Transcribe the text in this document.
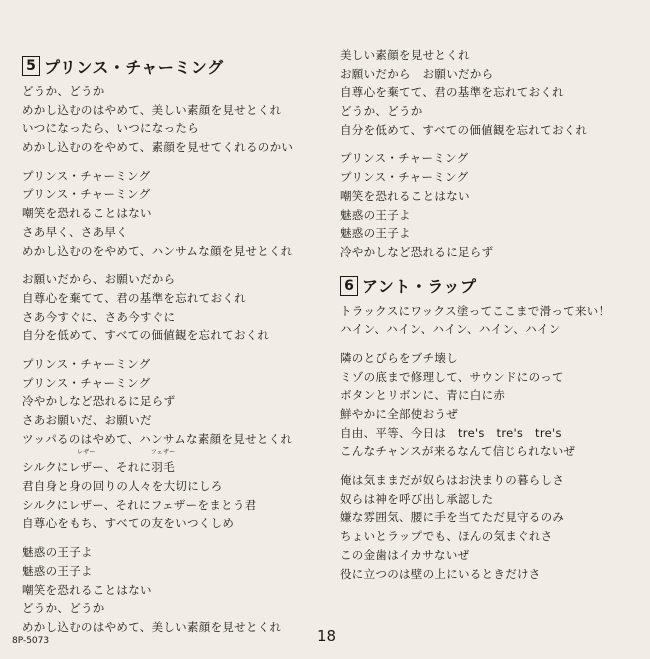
5 プリンス・チャーミング
どうか、どうか
めかし込むのはやめて、美しい素顔を見せとくれ
いつになったら、いつになったら
めかし込むのをやめて、素顔を見せてくれるのかい
プリンス・チャーミング
プリンス・チャーミング
嘲笑を恐れることはない
さあ早く、さあ早く
めかし込むのをやめて、ハンサムな顔を見せとくれ
お願いだから、お願いだから
自尊心を棄てて、君の基準を忘れておくれ
さあ今すぐに、さあ今すぐに
自分を低めて、すべての価値観を忘れておくれ
プリンス・チャーミング
プリンス・チャーミング
冷やかしなど恐れるに足らず
さあお願いだ、お願いだ
ツッパるのはやめて、ハンサムな素顔を見せとくれ
シルクに
レザー
レザー、それに
フェザー
羽毛
君自身と身の回りの人々を大切にしろ
シルクにレザー、それにフェザーをまとう君
自尊心をもち、すべての友をいつくしめ
魅惑の王子よ
魅惑の王子よ
嘲笑を恐れることはない
どうか、どうか
めかし込むのはやめて、美しい素顔を見せとくれ
美しい素顔を見せとくれ
お願いだから　お願いだから
自尊心を棄てて、君の基準を忘れておくれ
どうか、どうか
自分を低めて、すべての価値観を忘れておくれ
プリンス・チャーミング
プリンス・チャーミング
嘲笑を恐れることはない
魅惑の王子よ
魅惑の王子よ
冷やかしなど恐れるに足らず
6 アント・ラップ
トラックスにワックス塗ってここまで滑って来い！
ハイン、ハイン、ハイン、ハイン、ハイン
隣のとびらをブチ壊し
ミゾの底まで修理して、サウンドにのって
ボタンとリボンに、青に白に赤
鮮やかに全部使おうぜ
自由、平等、今日は　tre's　tre's　tre's
こんなチャンスが来るなんて信じられないぜ
俺は気ままだが奴らはお決まりの暮らしさ
奴らは神を呼び出し承認した
嫌な雰囲気、腰に手を当てただ見守るのみ
ちょいとラップでも、ほんの気まぐれさ
この金歯はイカサないぜ
役に立つのは壁の上にいるときだけさ
8P-5073	18
